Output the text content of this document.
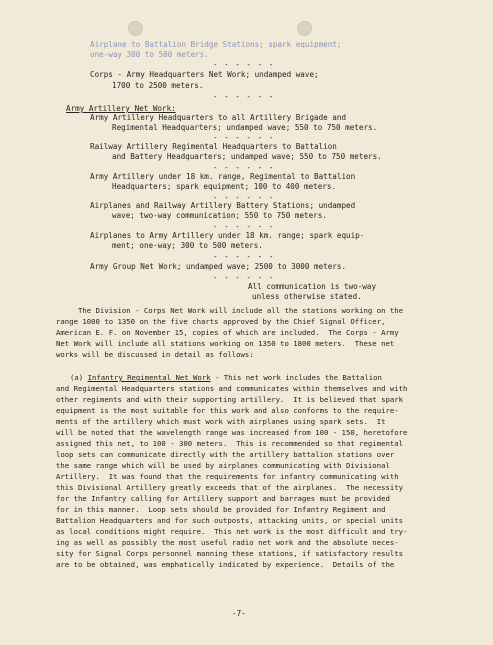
Airplane to Battalion Bridge Stations; spark equipment;
one-way 300 to 500 meters.
- - - - - -
Corps - Army Headquarters Net Work; undamped wave;
1700 to 2500 meters.
- - - - - -
Army Artillery Net Work:
Army Artillery Headquarters to all Artillery Brigade and
Regimental Headquarters; undamped wave; 550 to 750 meters.
- - - - - -
Railway Artillery Regimental Headquarters to Battalion
and Battery Headquarters; undamped wave; 550 to 750 meters.
- - - - - -
Army Artillery under 18 km. range, Regimental to Battalion
Headquarters; spark equipment; 100 to 400 meters.
- - - - - -
Airplanes and Railway Artillery Battery Stations; undamped
wave; two-way communication; 550 to 750 meters.
- - - - - -
Airplanes to Army Artillery under 18 km. range; spark equip-
ment; one-way; 300 to 500 meters.
- - - - - -
Army Group Net Work; undamped wave; 2500 to 3000 meters.
- - - - - -
All communication is two-way
unless otherwise stated.
The Division - Corps Net Work will include all the stations working on the
range 1000 to 1350 on the five charts approved by the Chief Signal Officer,
American E. F. on November 15, copies of which are included.  The Corps - Army
Net Work will include all stations working on 1350 to 1800 meters.  These net
works will be discussed in detail as follows:
(a) Infantry Regimental Net Work - This net work includes the Battalion
and Regimental Headquarters stations and communicates within themselves and with
other regiments and with their supporting artillery.  It is believed that spark
equipment is the most suitable for this work and also conforms to the require-
ments of the artillery which must work with airplanes using spark sets.  It
will be noted that the wavelength range was increased from 100 - 150, heretofore
assigned this net, to 100 - 300 meters.  This is recommended so that regimental
loop sets can communicate directly with the artillery battalion stations over
the same range which will be used by airplanes communicating with Divisional
Artillery.  It was found that the requirements for infantry communicating with
this Divisional Artillery greatly exceeds that of the airplanes.  The necessity
for the Infantry calling for Artillery support and barrages must be provided
for in this manner.  Loop sets should be provided for Infantry Regiment and
Battalion Headquarters and for such outposts, attacking units, or special units
as local conditions might require.  This net work is the most difficult and try-
ing as well as possibly the most useful radio net work and the absolute neces-
sity for Signal Corps personnel manning these stations, if satisfactory results
are to be obtained, was emphatically indicated by experience.  Details of the
-7-
